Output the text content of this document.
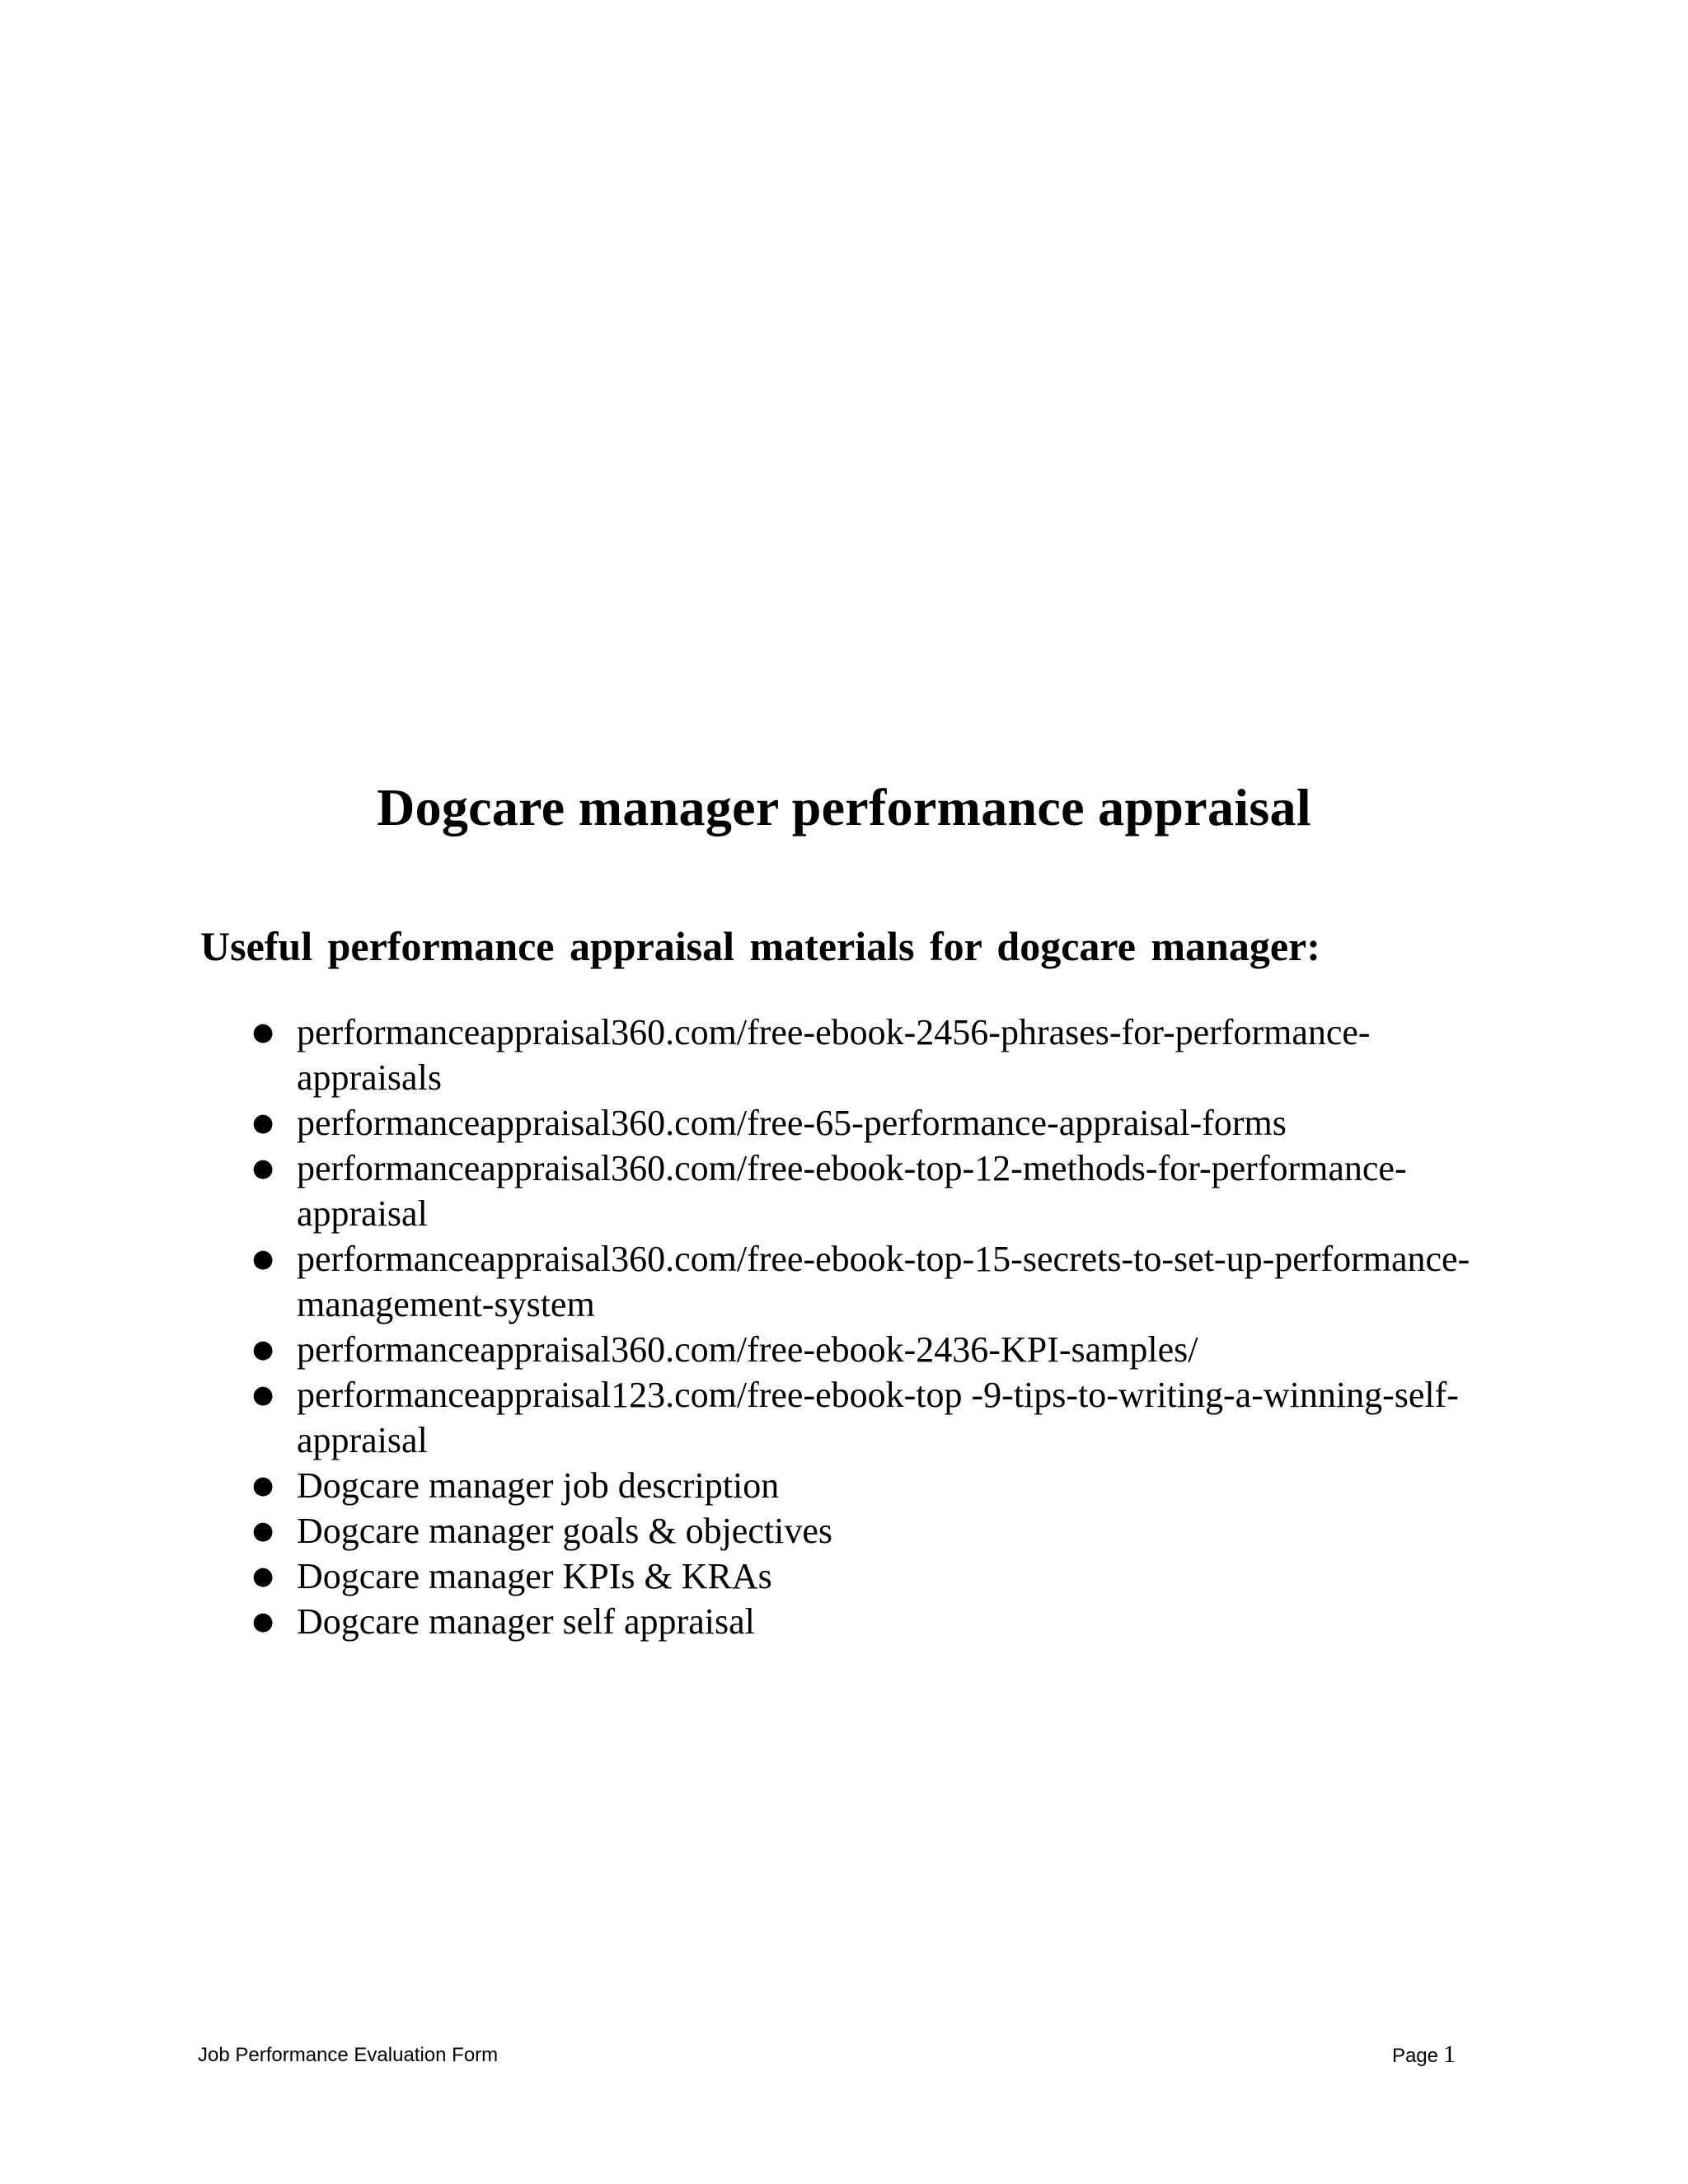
Dogcare manager performance appraisal
Useful performance appraisal materials for dogcare manager:
● performanceappraisal360.com/free-ebook-2456-phrases-for-performance-appraisals
● performanceappraisal360.com/free-65-performance-appraisal-forms
● performanceappraisal360.com/free-ebook-top-12-methods-for-performance-appraisal
● performanceappraisal360.com/free-ebook-top-15-secrets-to-set-up-performance-management-system
● performanceappraisal360.com/free-ebook-2436-KPI-samples/
● performanceappraisal123.com/free-ebook-top -9-tips-to-writing-a-winning-self-appraisal
● Dogcare manager job description
● Dogcare manager goals & objectives
● Dogcare manager KPIs & KRAs
● Dogcare manager self appraisal

Job Performance Evaluation Form	Page 1
